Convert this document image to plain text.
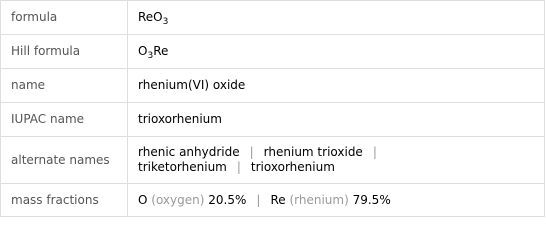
formula	ReO$_3$
Hill formula	$O_3Re$
name	rhenium(VI) oxide
IUPAC name	trioxorhenium
alternate names	rhenic anhydride | rhenium trioxide |
triketorhenium | trioxorhenium

mass fractions	O (oxygen) 20.5% | Re (rhenium) 79.5%
